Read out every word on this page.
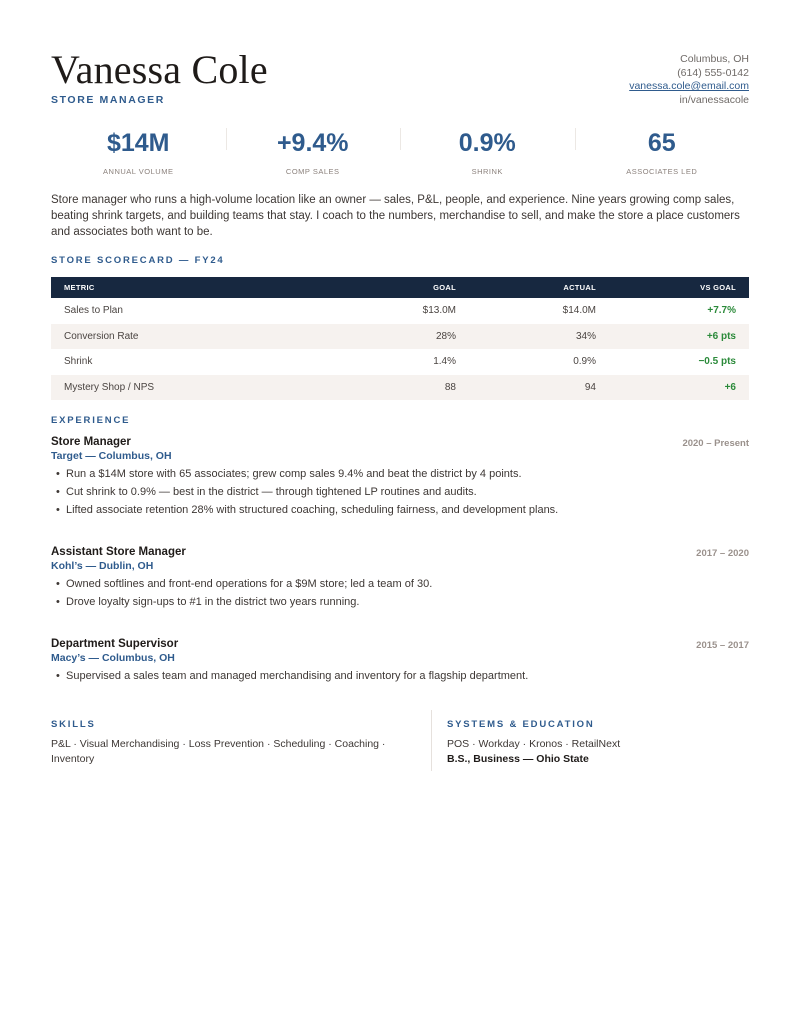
Vanessa Cole
STORE MANAGER
Columbus, OH
(614) 555-0142
vanessa.cole@email.com
in/vanessacole
$14M
ANNUAL VOLUME
+9.4%
COMP SALES
0.9%
SHRINK
65
ASSOCIATES LED

Store manager who runs a high-volume location like an owner — sales, P&L, people, and experience. Nine years growing comp sales, beating shrink targets, and building teams that stay. I coach to the numbers, merchandise to sell, and make the store a place customers and associates both want to be.

STORE SCORECARD — FY24
METRIC	GOAL	ACTUAL	VS GOAL
Sales to Plan	$13.0M	$14.0M	+7.7%
Conversion Rate	28%	34%	+6 pts
Shrink	1.4%	0.9%	−0.5 pts
Mystery Shop / NPS	88	94	+6
EXPERIENCE
Store Manager	2020 – Present
Target — Columbus, OH
• Run a $14M store with 65 associates; grew comp sales 9.4% and beat the district by 4 points.
• Cut shrink to 0.9% — best in the district — through tightened LP routines and audits.
• Lifted associate retention 28% with structured coaching, scheduling fairness, and development plans.
Assistant Store Manager	2017 – 2020
Kohl’s — Dublin, OH
• Owned softlines and front-end operations for a $9M store; led a team of 30.
• Drove loyalty sign-ups to #1 in the district two years running.
Department Supervisor	2015 – 2017
Macy’s — Columbus, OH
• Supervised a sales team and managed merchandising and inventory for a flagship department.
SKILLS
P&L · Visual Merchandising · Loss Prevention · Scheduling · Coaching · Inventory
SYSTEMS & EDUCATION
POS · Workday · Kronos · RetailNext
B.S., Business — Ohio State
